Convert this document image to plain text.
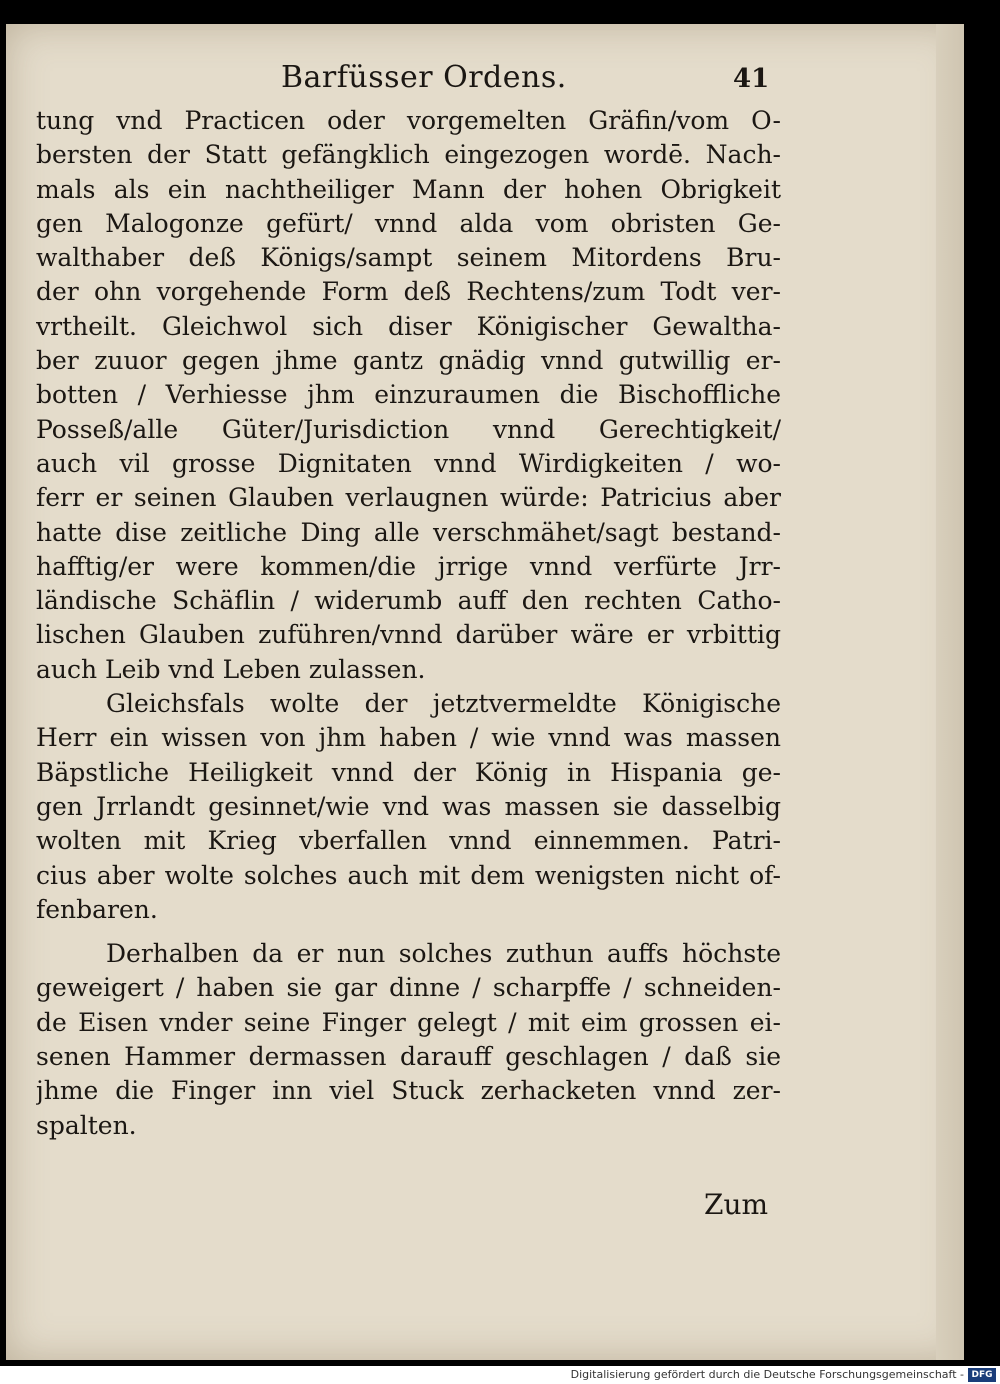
Barfüsser Ordens.	41
tung vnd Practicen oder vorgemelten Gräfin/vom O-
bersten der Statt gefängklich eingezogen wordē. Nach-
mals als ein nachtheiliger Mann der hohen Obrigkeit
gen Malogonze gefürt/ vnnd alda vom obristen Ge-
walthaber deß Königs/sampt seinem Mitordens Bru-
der ohn vorgehende Form deß Rechtens/zum Todt ver-
vrtheilt. Gleichwol sich diser Königischer Gewaltha-
ber zuuor gegen jhme gantz gnädig vnnd gutwillig er-
botten / Verhiesse jhm einzuraumen die Bischoffliche
Posseß/alle Güter/Jurisdiction vnnd Gerechtigkeit/
auch vil grosse Dignitaten vnnd Wirdigkeiten / wo-
ferr er seinen Glauben verlaugnen würde: Patricius aber
hatte dise zeitliche Ding alle verschmähet/sagt bestand-
hafftig/er were kommen/die jrrige vnnd verfürte Jrr-
ländische Schäflin / widerumb auff den rechten Catho-
lischen Glauben zuführen/vnnd darüber wäre er vrbittig
auch Leib vnd Leben zulassen.
Gleichsfals wolte der jetztvermeldte Königische
Herr ein wissen von jhm haben / wie vnnd was massen
Bäpstliche Heiligkeit vnnd der König in Hispania ge-
gen Jrrlandt gesinnet/wie vnd was massen sie dasselbig
wolten mit Krieg vberfallen vnnd einnemmen. Patri-
cius aber wolte solches auch mit dem wenigsten nicht of-
fenbaren.
Derhalben da er nun solches zuthun auffs höchste
geweigert / haben sie gar dinne / scharpffe / schneiden-
de Eisen vnder seine Finger gelegt / mit eim grossen ei-
senen Hammer dermassen darauff geschlagen / daß sie
jhme die Finger inn viel Stuck zerhacketen vnnd zer-
spalten.
Zum
Digitalisierung gefördert durch die Deutsche Forschungsgemeinschaft - DFG
